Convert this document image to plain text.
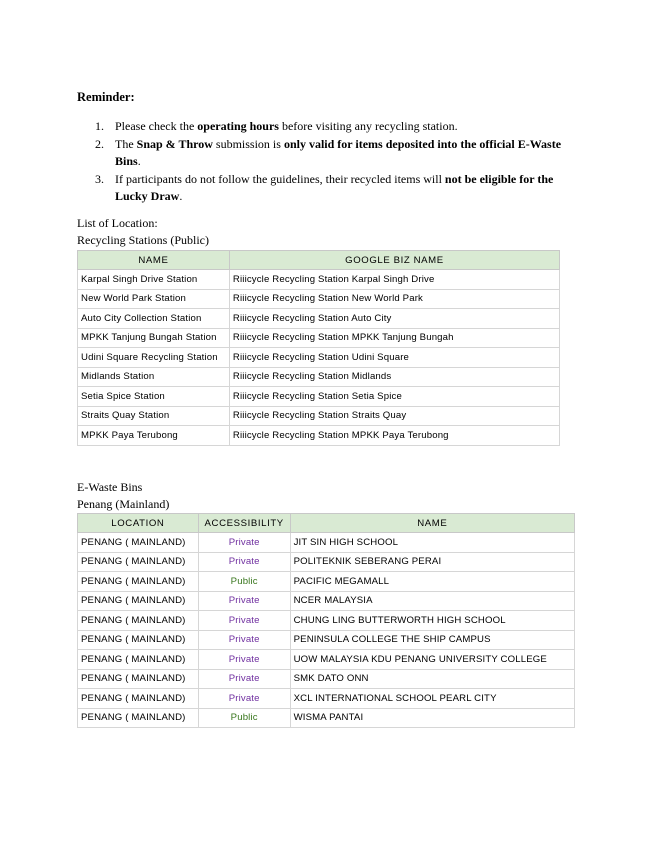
Reminder:
1. Please check the operating hours before visiting any recycling station.
2. The Snap & Throw submission is only valid for items deposited into the official E-Waste Bins.
3. If participants do not follow the guidelines, their recycled items will not be eligible for the Lucky Draw.
List of Location:
Recycling Stations (Public)
NAME	GOOGLE BIZ NAME
Karpal Singh Drive Station	Riiicycle Recycling Station Karpal Singh Drive
New World Park Station	Riiicycle Recycling Station New World Park
Auto City Collection Station	Riiicycle Recycling Station Auto City
MPKK Tanjung Bungah Station	Riiicycle Recycling Station MPKK Tanjung Bungah
Udini Square Recycling Station	Riiicycle Recycling Station Udini Square
Midlands Station	Riiicycle Recycling Station Midlands
Setia Spice Station	Riiicycle Recycling Station Setia Spice
Straits Quay Station	Riiicycle Recycling Station Straits Quay
MPKK Paya Terubong	Riiicycle Recycling Station MPKK Paya Terubong
E-Waste Bins
Penang (Mainland)
LOCATION	ACCESSIBILITY	NAME
PENANG ( MAINLAND)	Private	JIT SIN HIGH SCHOOL
PENANG ( MAINLAND)	Private	POLITEKNIK SEBERANG PERAI
PENANG ( MAINLAND)	Public	PACIFIC MEGAMALL
PENANG ( MAINLAND)	Private	NCER MALAYSIA
PENANG ( MAINLAND)	Private	CHUNG LING BUTTERWORTH HIGH SCHOOL
PENANG ( MAINLAND)	Private	PENINSULA COLLEGE THE SHIP CAMPUS
PENANG ( MAINLAND)	Private	UOW MALAYSIA KDU PENANG UNIVERSITY COLLEGE
PENANG ( MAINLAND)	Private	SMK DATO ONN
PENANG ( MAINLAND)	Private	XCL INTERNATIONAL SCHOOL PEARL CITY
PENANG ( MAINLAND)	Public	WISMA PANTAI
